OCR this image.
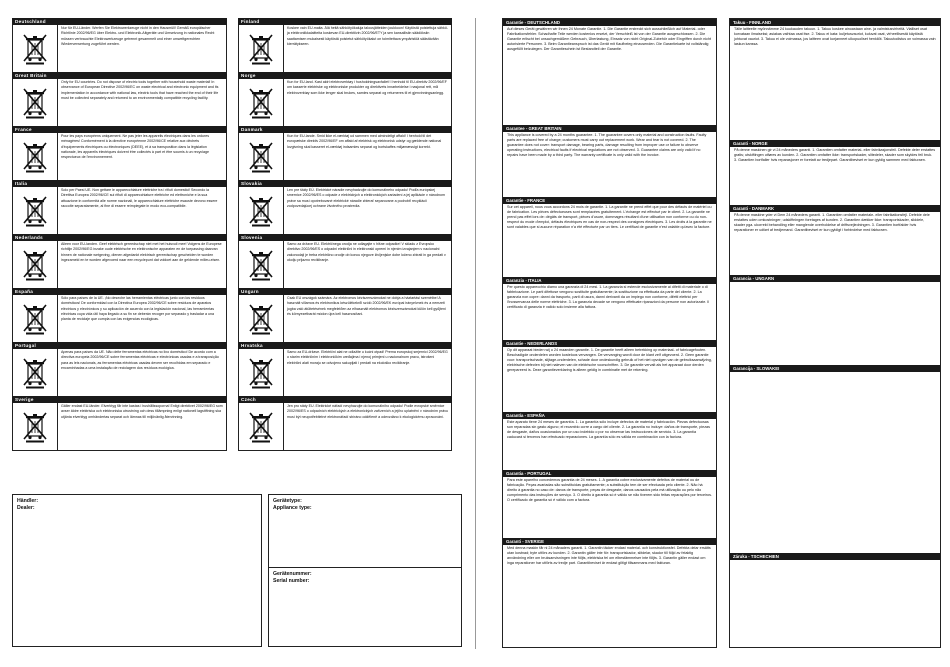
Deutschland
Nur für EU-Länder. Werfen Sie Elektrowerkzeuge nicht in den Hausmüll! Gemäß europäischer Richtlinie 2002/96/EG über Elektro- und Elektronik-Altgeräte und Umsetzung in nationales Recht müssen verbrauchte Elektrowerkzeuge getrennt gesammelt und einer umweltgerechten Wiederverwertung zugeführt werden.
Great Britain
Only for EU countries. Do not dispose of electric tools together with household waste material! In observance of European Directive 2002/96/EC on waste electrical and electronic equipment and its implementation in accordance with national law, electric tools that have reached the end of their life must be collected separately and returned to an environmentally compatible recycling facility.
France
Pour les pays européens uniquement. Ne pas jeter les appareils électriques dans les ordures ménagères! Conformément à la directive européenne 2002/96/CE relative aux déchets d'équipements électriques ou électroniques (DEEE), et à sa transposition dans la législation nationale, les appareils électriques doivent être collectés à part et être soumis à un recyclage respectueux de l'environnement.
Italia
Solo per Paesi UE. Non gettare le apparecchiature elettriche tra i rifiuti domestici! Secondo la Direttiva Europea 2002/96/CE sui rifiuti di apparecchiature elettriche ed elettroniche e la sua attuazione in conformità alle norme nazionali, le apparecchiature elettriche esauste devono essere raccolte separatamente, al fine di essere reimpiegate in modo eco-compatibile.
Nederlands
Alleen voor EU-landen. Geef elektrisch gereedschap niet met het huisvuil mee! Volgens de Europese richtlijn 2002/96/EG inzake oude elektrische en elektronische apparaten en de toepassing daarvan binnen de nationale wetgeving, dienen afgedankt elektrisch gereedschap gescheiden te worden ingezameld en te worden afgevoerd naar een recyclepunt dat voldoet aan de geldende milieu-eisen.
España
Sólo para países de la UE. ¡No deseche las herramientas eléctricas junto con los residuos domésticos! De conformidad con la Directiva Europea 2002/96/CE sobre residuos de aparatos eléctricos y electrónicos y su aplicación de acuerdo con la legislación nacional, las herramientas eléctricas cuya vida útil haya llegado a su fin se deberán recoger por separado y trasladar a una planta de reciclaje que cumpla con las exigencias ecológicas.
Portugal
Apenas para países da UE. Não deite ferramentas eléctricas no lixo doméstico! De acordo com a directiva europeia 2002/96/CE sobre ferramentas eléctricas e electrónicas usadas e a transposição para as leis nacionais, as ferramentas eléctricas usadas devem ser recolhidas em separado e encaminhadas a uma instalação de reciclagem dos resíduos ecológica.
Sverige
Gäller endast EU-länder. Elverktyg får inte kastas i hushållssoporna! Enligt direktivet 2002/96/EG som avser äldre elektriska och elektroniska utrustning och dess tillämpning enligt nationell lagstiftning ska utjänta elverktyg omhändertas separat och lämnas till miljövänlig återvinning.
Finland
Koskee vain EU-maita. Älä heitä sähkötyökaluja talousjätteiden joukkoon! Käytöstä poistettuja sähkö- ja elektroniikkalaitteita koskevan EU-direktiivin 2002/96/ETY ja sen kansallisiin säädöksiin saattamisen mukaisesti käytöstä poistetut sähkötyökalut on toimitettava ympäristöä säästävään kierrätykseen.
Norge
Kun for EU-land. Kast aldri elektroverktøy i husholdningsavfallet! I henhold til EU-direktiv 2002/96/EF om kasserte elektriske og elektroniske produkter og direktivets innarbeidelse i nasjonal rett, må elektroverktøy som ikke lenger skal brukes, samles separat og returneres til et gjenvinningsanlegg.
Danmark
Kun for EU-lande. Smid ikke el-værktøj ud sammen med almindeligt affald! I henhold til det europæiske direktiv 2002/96/EF om affald af elektrisk og elektronisk udstyr og gældende national lovgivning skal kasseret el-værktøj indsamles separat og bortskaffes miljømæssigt korrekt.
Slovakia
Len pre štáty EÚ. Elektrické náradie nevyhadzujte do komunálneho odpadu! Podľa európskej smernice 2002/96/ES o odpade z elektrických a elektronických zariadení a jej aplikácie v národnom práve sa musí opotrebované elektrické náradie zbierať separovane a podrobiť recyklácii zodpovedajúcej ochrane životného prostredia.
Slovenia
Samo za države EU. Električnega orodja ne odlagajte v hišne odpadke! V skladu z Evropsko direktivo 2002/96/ES o odpadni električni in elektronski opremi in njenim izvajanjem v nacionalni zakonodaji je treba električno orodje ob koncu njegove življenjske dobe ločeno zbirati in ga predati v okolju prijazno recikliranje.
Ungarn
Csak EU országok számára. Az elektromos kéziszerszámokat ne dobja a háztartási szemétbe! A használt villamos és elektronikus készülékekről szóló 2002/96/EK európai irányelvnek és a nemzeti jogba való átültetésének megfelelően az elhasznált elektromos kéziszerszámokat külön kell gyűjteni és környezetbarát módon újra kell hasznosítani.
Hrvatska
Samo za EU-države. Električni alat ne odlažite u kućni otpad! Prema europskoj smjernici 2002/96/EG o starim električnim i elektroničkim uređajima i njenoj primjeni u nacionalnom pravu, istrošeni električni alati moraju se odvojeno sakupljati i predati na ekološko recikliranje.
Czech
Jen pro státy EU. Elektrické nářadí nevyhazujte do komunálního odpadu! Podle evropské směrnice 2002/96/ES o odpadních elektrických a elektronických zařízeních a jejího uplatnění v národním právu musí být neupotřebitelné elektronářadí sbíráno odděleně a odevzdáno k ekologickému zpracování.
Händler:
Dealer:
Gerätetype:
Appliance type:
Gerätenummer:
Serial number:
Garantie - DEUTSCHLAND
Auf dieses Gerät gewähren wir Ihnen 24 Monate Garantie. 1. Die Garantie erstreckt sich ausschließlich auf Material- oder Fabrikationsfehler. Schadhafte Teile werden kostenlos ersetzt, der Verschleiß ist von der Garantie ausgeschlossen. 2. Die Garantie erlischt bei unsachgemäßem Gebrauch, Überlastung, Einsatz von nicht Original-Zubehör oder Eingriffen durch nicht autorisierte Personen. 3. Beim Garantieanspruch ist das Gerät mit Kaufbeleg einzusenden. Die Garantiekarte ist vollständig ausgefüllt beizulegen. Der Garantieschein ist Bestandteil der Garantie.
Garantee - GREAT BRITAIN
This appliance is covered by a 24 months guarantee. 1. The guarantee covers only material and construction faults. Faulty parts are replaced free of charge; customers must carry out replacement work. Wear and tear is not covered. 2. The guarantee does not cover: transport damage, bearing parts, damage resulting from improper use or failure to observe operating instructions, electrical faults if electrical regulations are not observed. 3. Guarantee claims are only valid if no repairs have been made by a third party. The warranty certificate is only valid with the invoice.
Garantie - FRANCE
Sur cet appareil, nous vous accordons 24 mois de garantie. 1. La garantie ne prend effet que pour des défauts de matériel ou de fabrication. Les pièces défectueuses sont remplacées gratuitement. L'échange est effectué par le client. 2. La garantie ne prend pas effet lors de: dégâts de transport, pièces d'usure, dommages résultant d'une utilisation non conforme ou du non-respect du mode d'emploi, défauts électriques en cas de non-respect des consignes électriques. 3. Les droits à la garantie ne sont valables que si aucune réparation n'a été effectuée par un tiers. Le certificat de garantie n'est valable qu'avec la facture.
Garanzia - ITALIA
Per questo apparecchio diamo una garanzia di 24 mesi. 1. La garanzia si estende esclusivamente ai difetti di materiale o di fabbricazione. Le parti difettose vengono sostituite gratuitamente; la sostituzione va effettuata da parte del cliente. 2. La garanzia non copre: danni da trasporto, parti di usura, danni derivanti da un impiego non conforme, difetti elettrici per l'inosservanza delle norme elettriche. 3. La garanzia decade se vengono effettuate riparazioni da persone non autorizzate. Il certificato di garanzia è valido solo insieme alla fattura.
Garantie - NEDERLANDS
Op dit apparaat bieden wij u 24 maanden garantie. 1. De garantie heeft alleen betrekking op materiaal- of fabricagefouten. Beschadigde onderdelen worden kosteloos vervangen. De vervanging wordt door de klant zelf uitgevoerd. 2. Geen garantie voor: transportschade, slijtage-onderdelen, schade door ondeskundig gebruik of het niet opvolgen van de gebruiksaanwijzing, elektrische defecten bij niet naleven van de elektrische voorschriften. 3. De garantie vervalt als het apparaat door derden gerepareerd is. Deze garantieverklaring is alleen geldig in combinatie met de rekening.
Garantía - ESPAÑA
Este aparato tiene 24 meses de garantía. 1. La garantía sólo incluye defectos de material y fabricación. Piezas defectuosas son reparadas sin gasto alguno; el recambio corre a cargo del cliente. 2. La garantía no incluye: daños de transporte, piezas de desgaste, daños ocasionados por un uso indebido o por no observar las instrucciones de servicio. 3. La garantía caducará si terceros han efectuado reparaciones. La garantía sólo es válida en combinación con la factura.
Garantia - PORTUGAL
Para este aparelho concedemos garantia de 24 meses. 1. A garantia cobre exclusivamente defeitos de material ou de fabricação. Peças avariadas são substituídas gratuitamente; a substituição tem de ser efectuada pelo cliente. 2. Não há direito à garantia no caso de: danos de transporte, peças de desgaste, danos causados pela má utilização ou pelo não cumprimento das instruções de serviço. 3. O direito à garantia só é válido se não tiverem sido feitas reparações por terceiros. O certificado de garantia só é válido com a factura.
Garanti - SVERIGE
Med denna maskin får ni 24 månaders garanti. 1. Garantin täcker endast material- och konstruktionsfel. Defekta delar ersätts utan kostnad; byte utförs av kunden. 2. Garantin gäller inte för: transportskador, slitdelar, skador till följd av felaktig användning eller om bruksanvisningen inte följts, elektriska fel om elbestämmelser inte följts. 3. Garantin gäller endast om inga reparationer har utförts av tredje part. Garantibeviset är endast giltigt tillsammans med fakturan.
Takuu - FINNLAND
Tälle laitteelle myönnämme 24 kuukauden takuun. 1. Takuu koskee ainoastaan aine- ja valmistusvirheitä. Vialliset osat korvataan ilmaiseksi; asiakas vaihtaa osat itse. 2. Takuu ei kata: kuljetusvauriot, kuluvat osat, virheellisestä käytöstä johtuvat vauriot. 3. Takuu ei ole voimassa, jos laitteen ovat korjanneet ulkopuoliset henkilöt. Takuutodistus on voimassa vain laskun kanssa.
Garanti - NORGE
På denne maskinen gir vi 24 måneders garanti. 1. Garantien omfatter material- eller fabrikasjonsfeil. Defekte deler erstattes gratis; utskiftingen utføres av kunden. 2. Garantien omfatter ikke: transportskader, slitedeler, skader som skyldes feil bruk. 3. Garantien bortfaller hvis reparasjoner er foretatt av tredjepart. Garantibeviset er kun gyldig sammen med fakturaen.
Garanti - DANMARK
På denne maskine yder vi Dem 24 måneders garanti. 1. Garantien omfatter materiale- eller fabrikationsfejl. Defekte dele erstattes uden omkostninger; udskiftningen foretages af kunden. 2. Garantien dækker ikke: transportskader, sliddele, skader pga. ukorrekt behandling eller manglende overholdelse af driftsvejledningen. 3. Garantien bortfalder hvis reparationer er udført af tredjemand. Garantibeviset er kun gyldigt i forbindelse med fakturaen.
Garancia - UNGARN
Garancija - SLOWAKEI
Záruka - TSCHECHIEN
